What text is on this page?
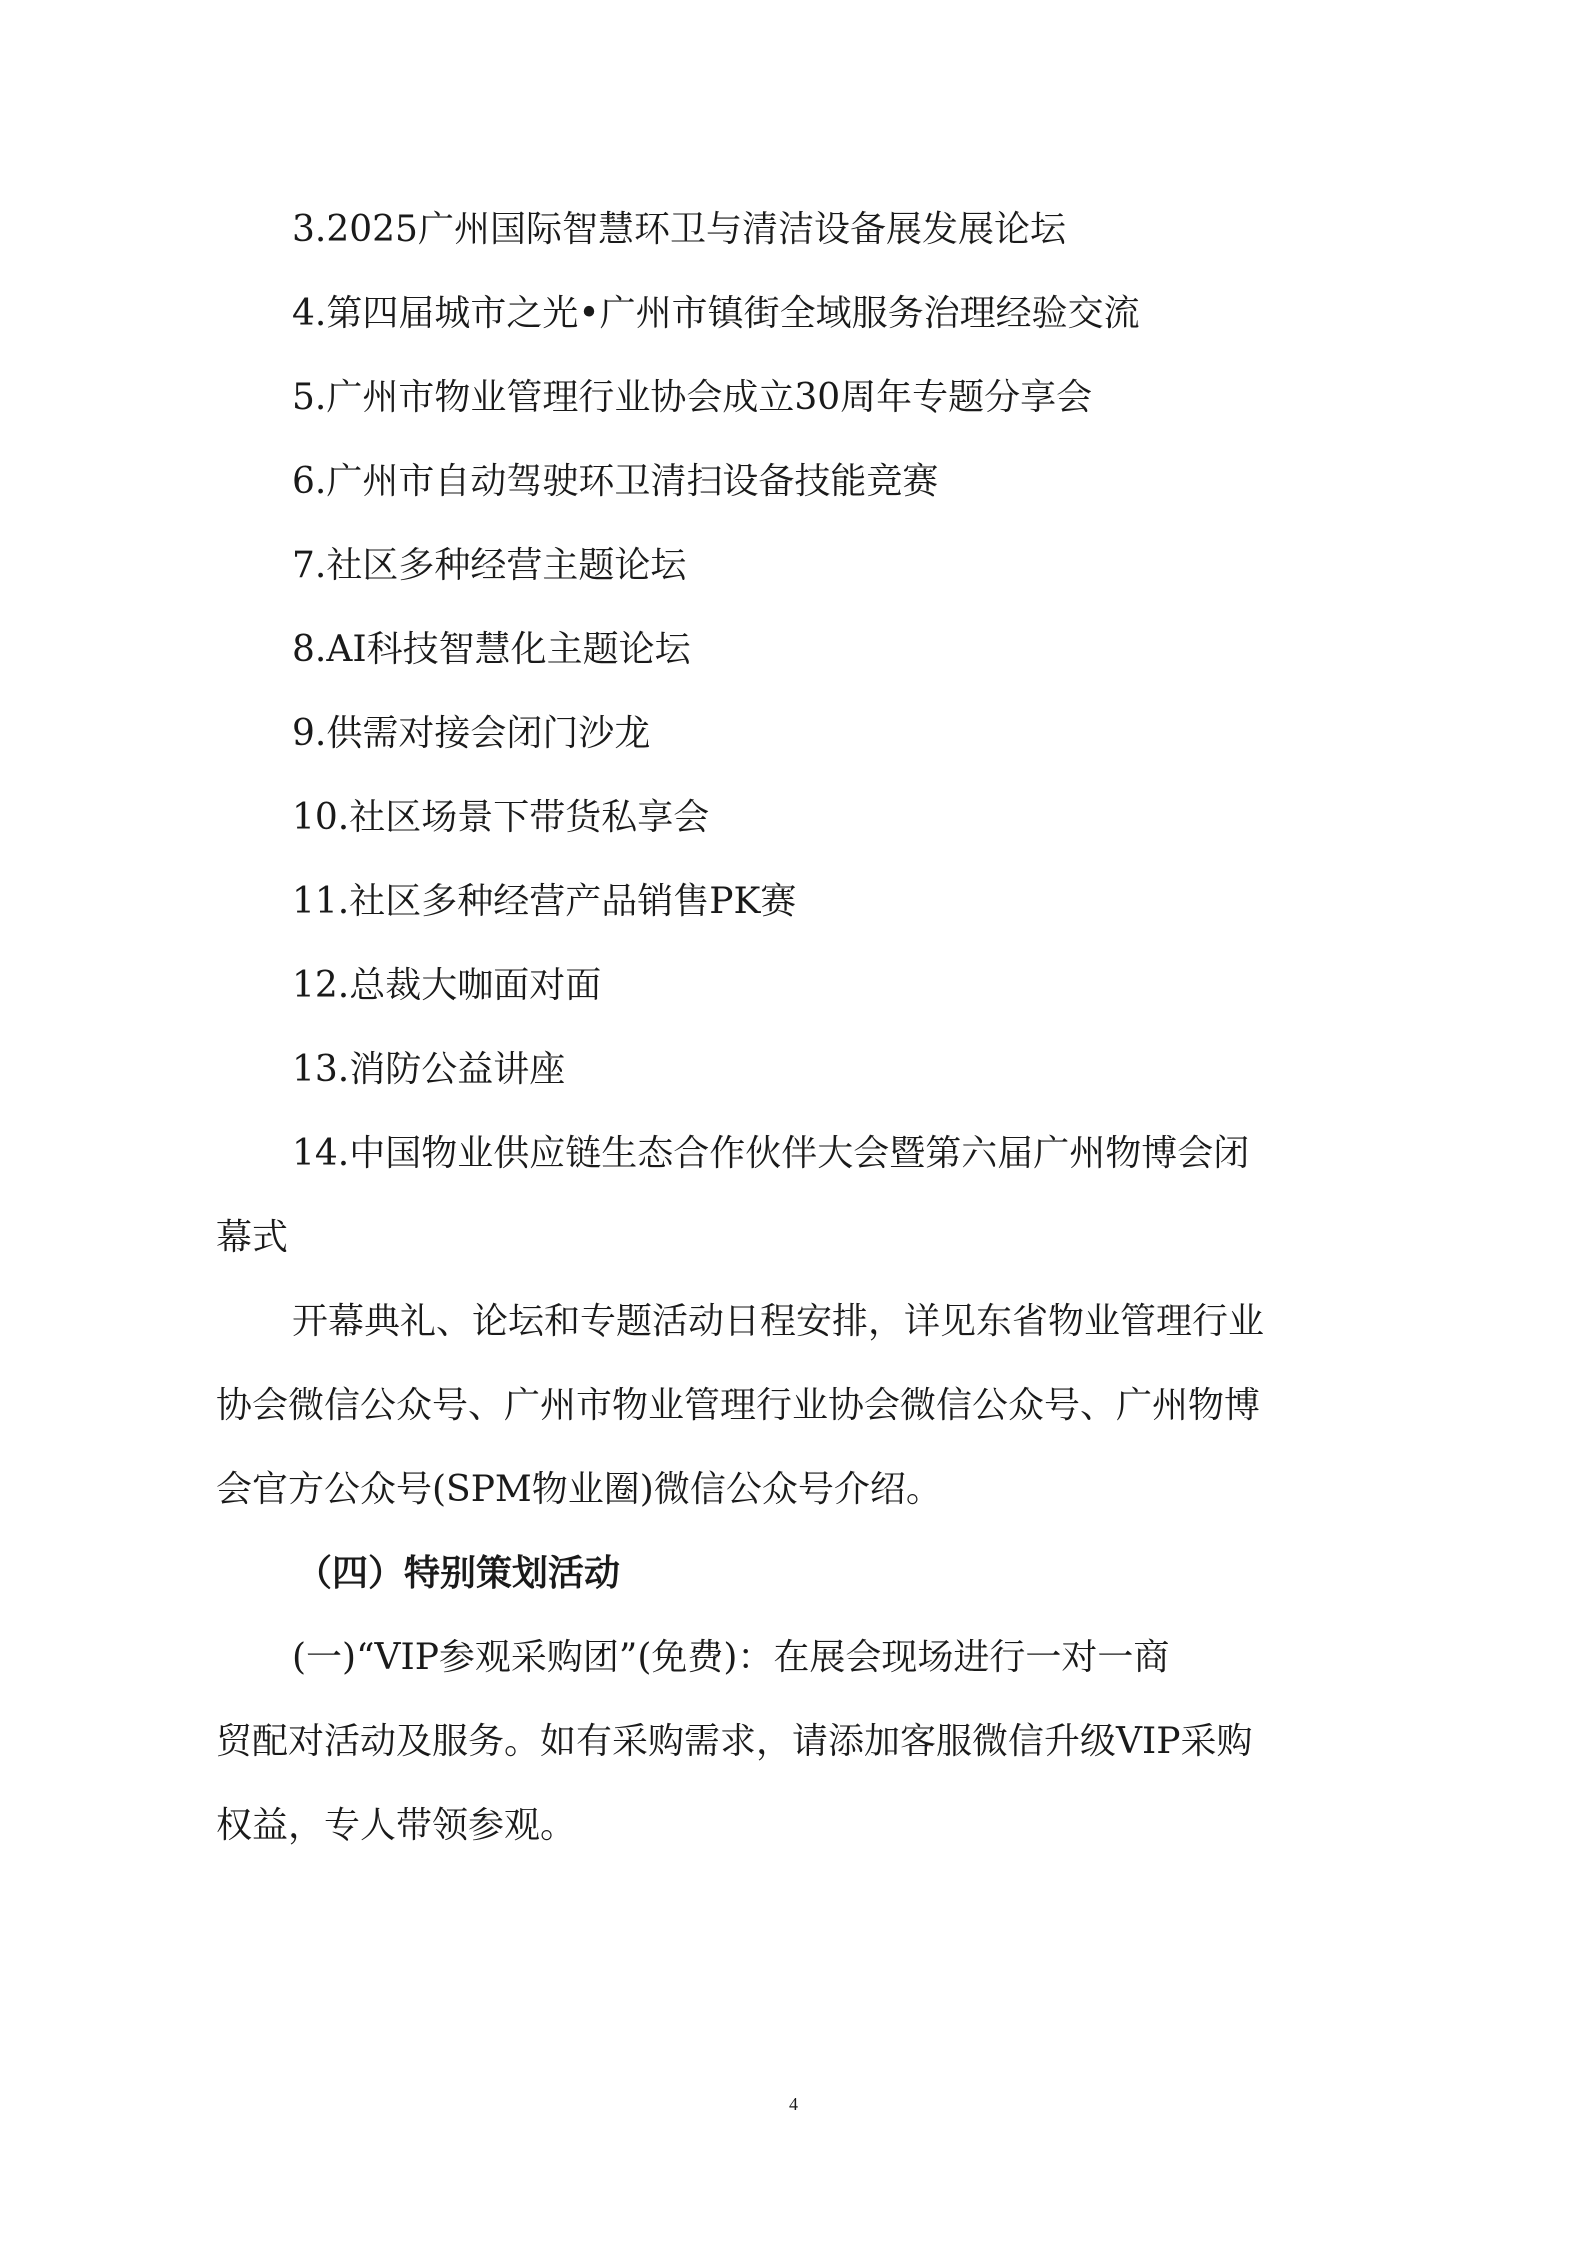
3.2025广州国际智慧环卫与清洁设备展发展论坛
4.第四届城市之光•广州市镇街全域服务治理经验交流
5.广州市物业管理行业协会成立30周年专题分享会
6.广州市自动驾驶环卫清扫设备技能竞赛
7.社区多种经营主题论坛
8.AI科技智慧化主题论坛
9.供需对接会闭门沙龙
10.社区场景下带货私享会
11.社区多种经营产品销售PK赛
12.总裁大咖面对面
13.消防公益讲座
14.中国物业供应链生态合作伙伴大会暨第六届广州物博会闭
幕式
开幕典礼、论坛和专题活动日程安排，详见东省物业管理行业
协会微信公众号、广州市物业管理行业协会微信公众号、广州物博
会官方公众号(SPM物业圈)微信公众号介绍。
（四）特别策划活动
(一)“VIP参观采购团”(免费)：在展会现场进行一对一商
贸配对活动及服务。如有采购需求，请添加客服微信升级VIP采购
权益，专人带领参观。
4
